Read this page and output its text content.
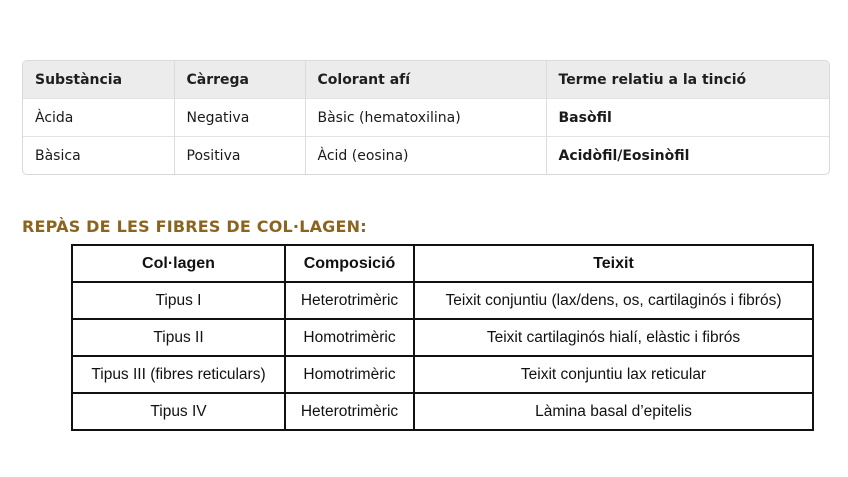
Substància	Càrrega	Colorant afí	Terme relatiu a la tinció
Àcida	Negativa	Bàsic (hematoxilina)	Basòfil
Bàsica	Positiva	Àcid (eosina)	Acidòfil/Eosinòfil
REPÀS DE LES FIBRES DE COL·LAGEN:
Col·lagen	Composició	Teixit
Tipus I	Heterotrimèric	Teixit conjuntiu (lax/dens, os, cartilaginós i fibrós)
Tipus II	Homotrimèric	Teixit cartilaginós hialí, elàstic i fibrós
Tipus III (fibres reticulars)	Homotrimèric	Teixit conjuntiu lax reticular
Tipus IV	Heterotrimèric	Làmina basal d’epitelis
